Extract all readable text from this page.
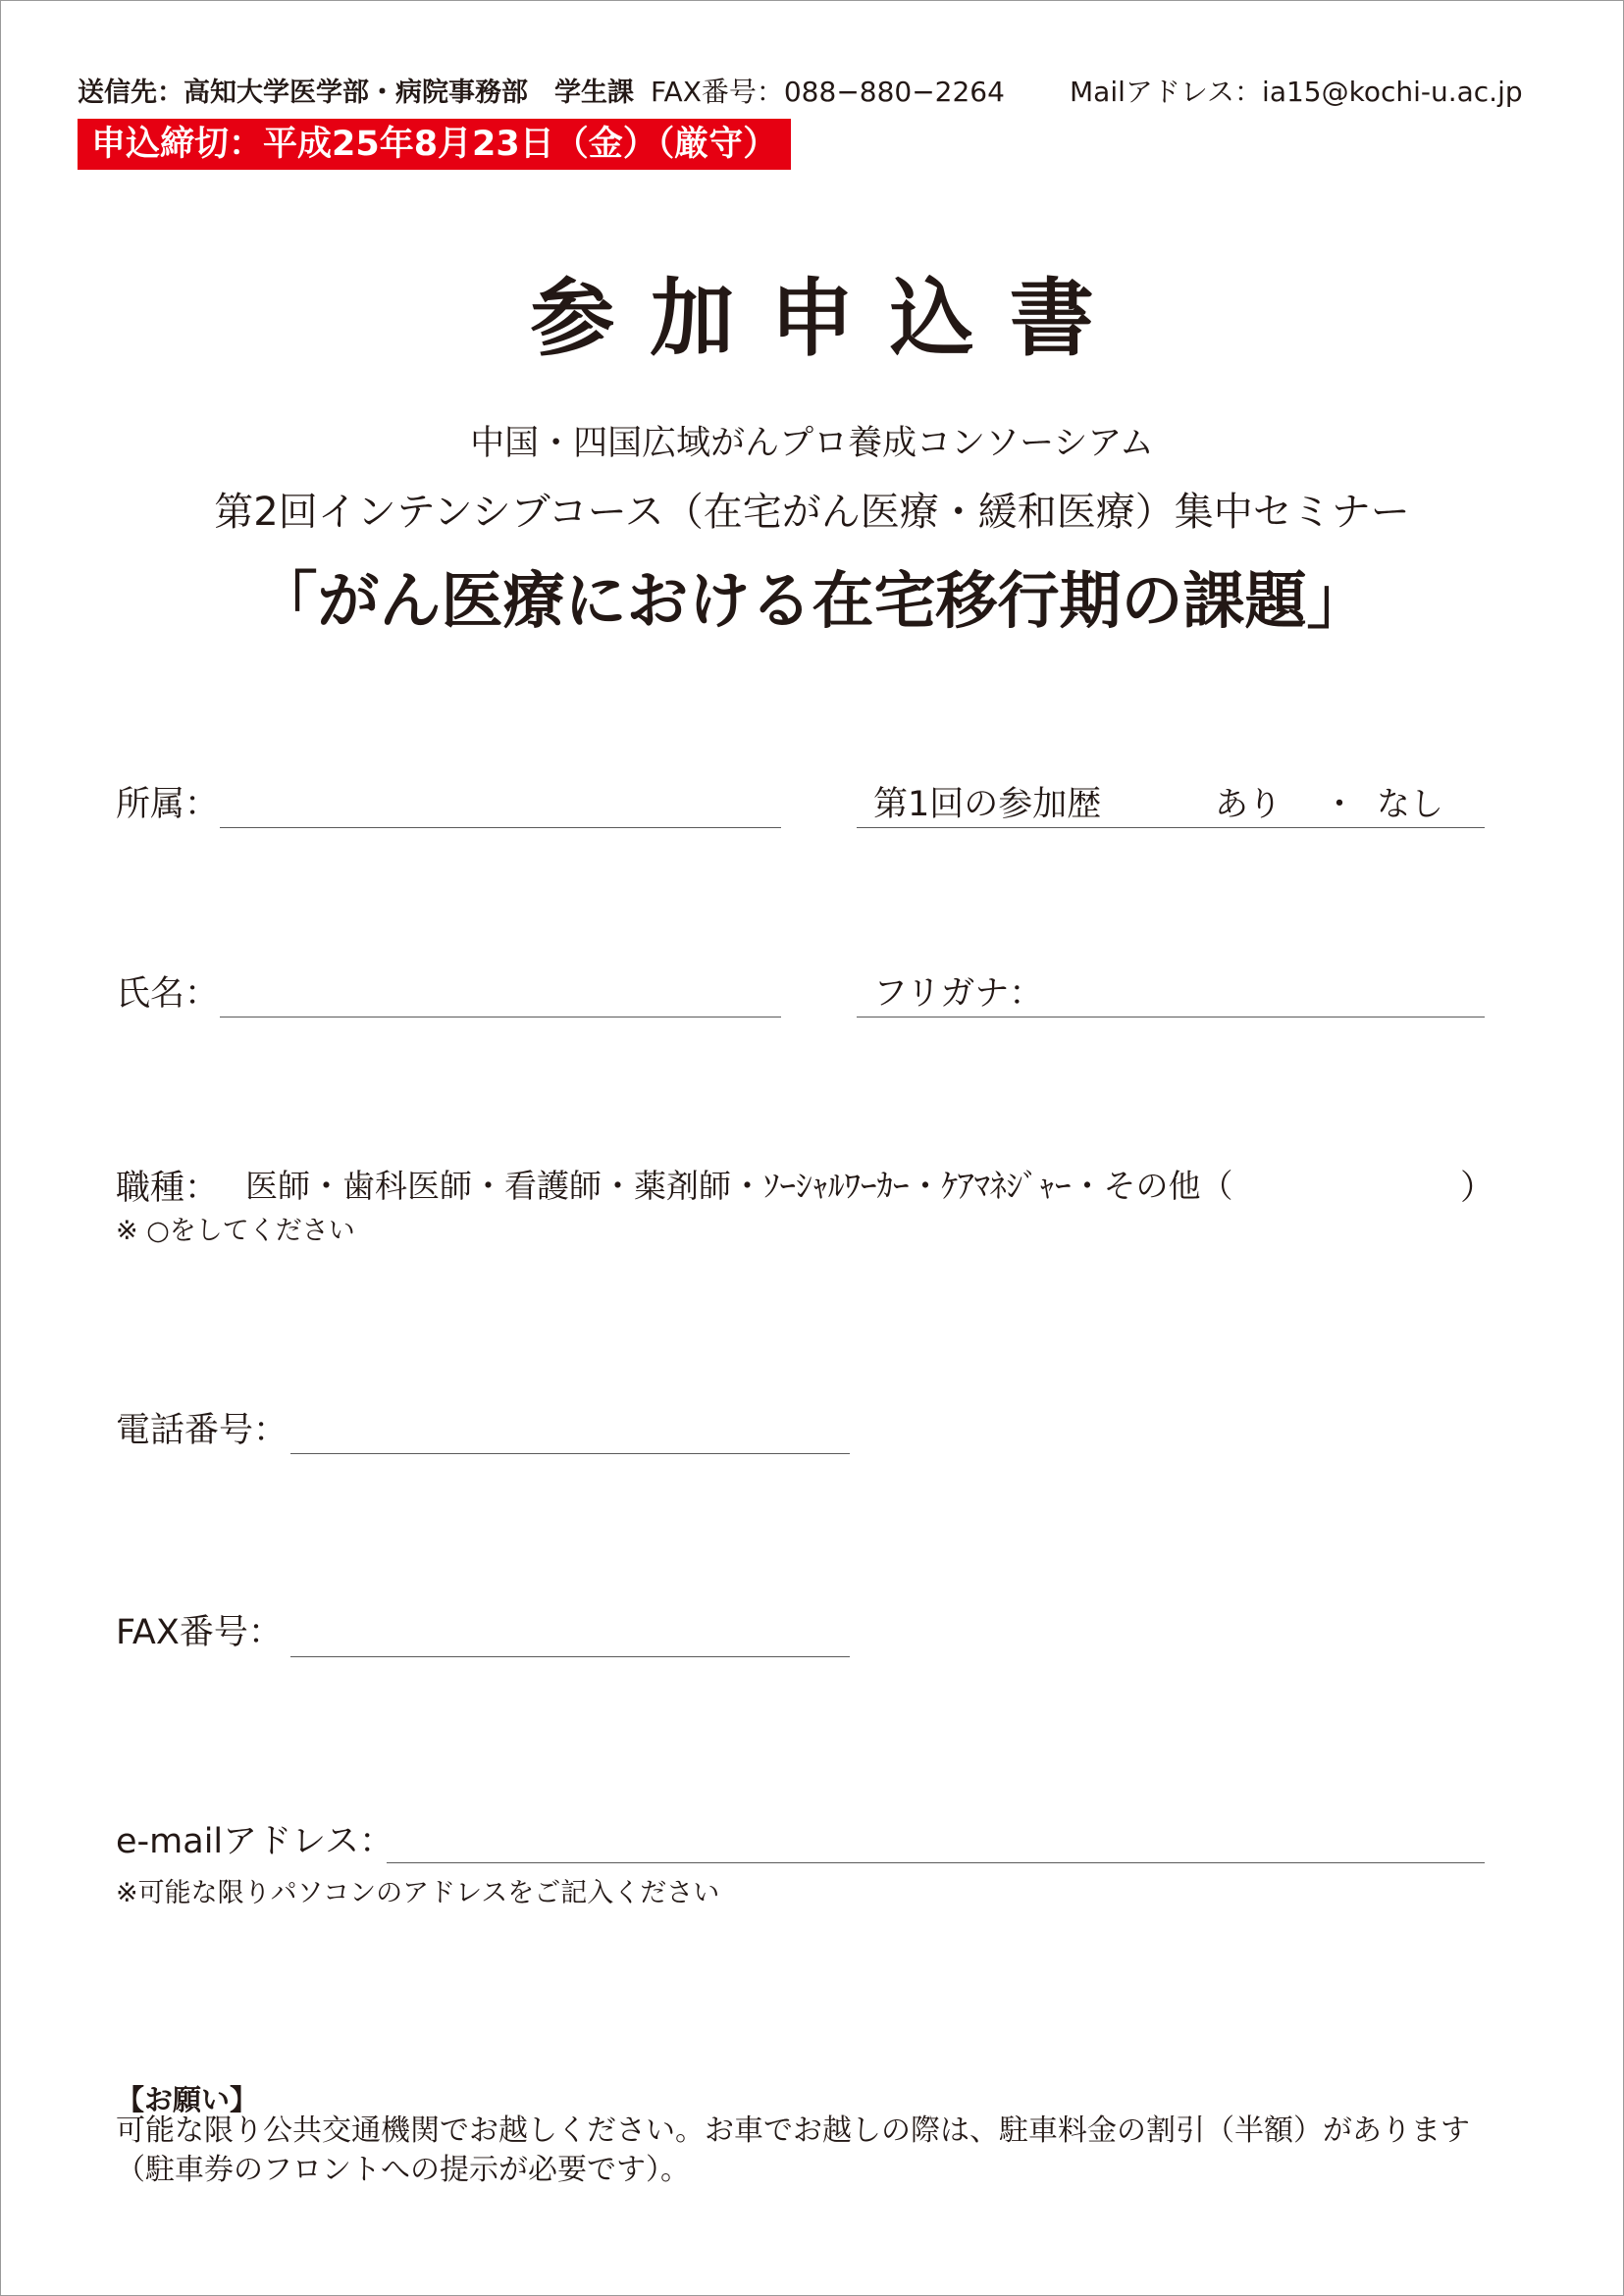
送信先：高知大学医学部・病院事務部　学生課 FAX番号：088−880−2264 Mailアドレス：ia15@kochi-u.ac.jp
申込締切：平成25年8月23日（金）（厳守）
参加申込書
中国・四国広域がんプロ養成コンソーシアム
第2回インテンシブコース（在宅がん医療・緩和医療）集中セミナー
「がん医療における在宅移行期の課題」
所属：	第1回の参加歴	あり ・ なし
氏名：	フリガナ：
職種： 医師・歯科医師・看護師・薬剤師・ｿｰｼｬﾙﾜｰｶｰ・ｹｱﾏﾈｼﾞｬｰ・その他（	）
※ ○をしてください
電話番号：
FAX番号：
e-mailアドレス：
※可能な限りパソコンのアドレスをご記入ください
【お願い】
可能な限り公共交通機関でお越しください。お車でお越しの際は、駐車料金の割引（半額）があります（駐車券のフロントへの提示が必要です）。
